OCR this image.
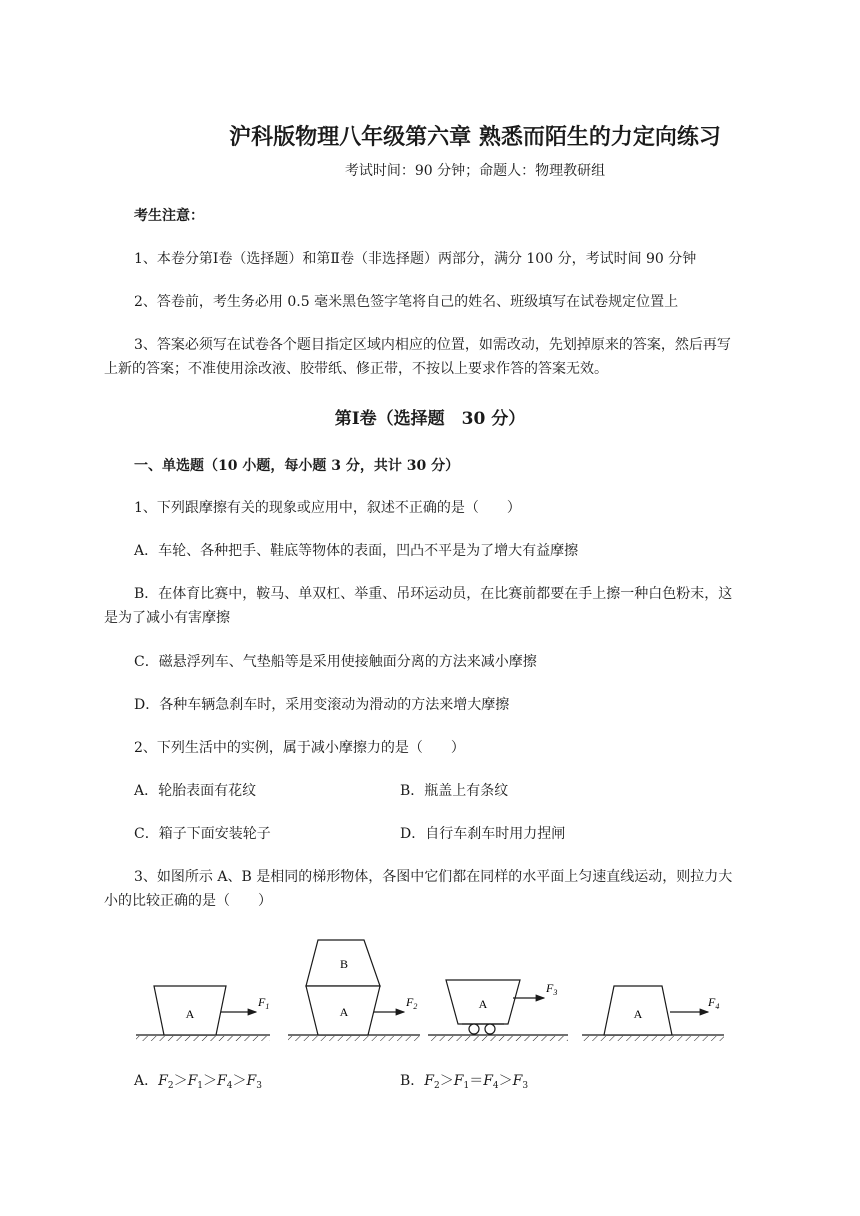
沪科版物理八年级第六章 熟悉而陌生的力定向练习
考试时间：90 分钟；命题人：物理教研组
考生注意：
1、本卷分第Ⅰ卷（选择题）和第Ⅱ卷（非选择题）两部分，满分 100 分，考试时间 90 分钟
2、答卷前，考生务必用 0.5 毫米黑色签字笔将自己的姓名、班级填写在试卷规定位置上
3、答案必须写在试卷各个题目指定区域内相应的位置，如需改动，先划掉原来的答案，然后再写
上新的答案；不准使用涂改液、胶带纸、修正带，不按以上要求作答的答案无效。
第Ⅰ卷（选择题　30 分）
一、单选题（10 小题，每小题 3 分，共计 30 分）
1、下列跟摩擦有关的现象或应用中，叙述不正确的是（　　）
A．车轮、各种把手、鞋底等物体的表面，凹凸不平是为了增大有益摩擦
B．在体育比赛中，鞍马、单双杠、举重、吊环运动员，在比赛前都要在手上擦一种白色粉末，这
是为了减小有害摩擦
C．磁悬浮列车、气垫船等是采用使接触面分离的方法来减小摩擦
D．各种车辆急刹车时，采用变滚动为滑动的方法来增大摩擦
2、下列生活中的实例，属于减小摩擦力的是（　　）
A．轮胎表面有花纹	B．瓶盖上有条纹
C．箱子下面安装轮子	D．自行车刹车时用力捏闸
3、如图所示 A、B 是相同的梯形物体，各图中它们都在同样的水平面上匀速直线运动，则拉力大
小的比较正确的是（　　）
A
$F_1$
B
A
$F_2$	A
$F_3$
A
$F_4$
A．$F_2>F_1>F_4>F_3$	B．$F_2>F_1=F_4>F_3$
